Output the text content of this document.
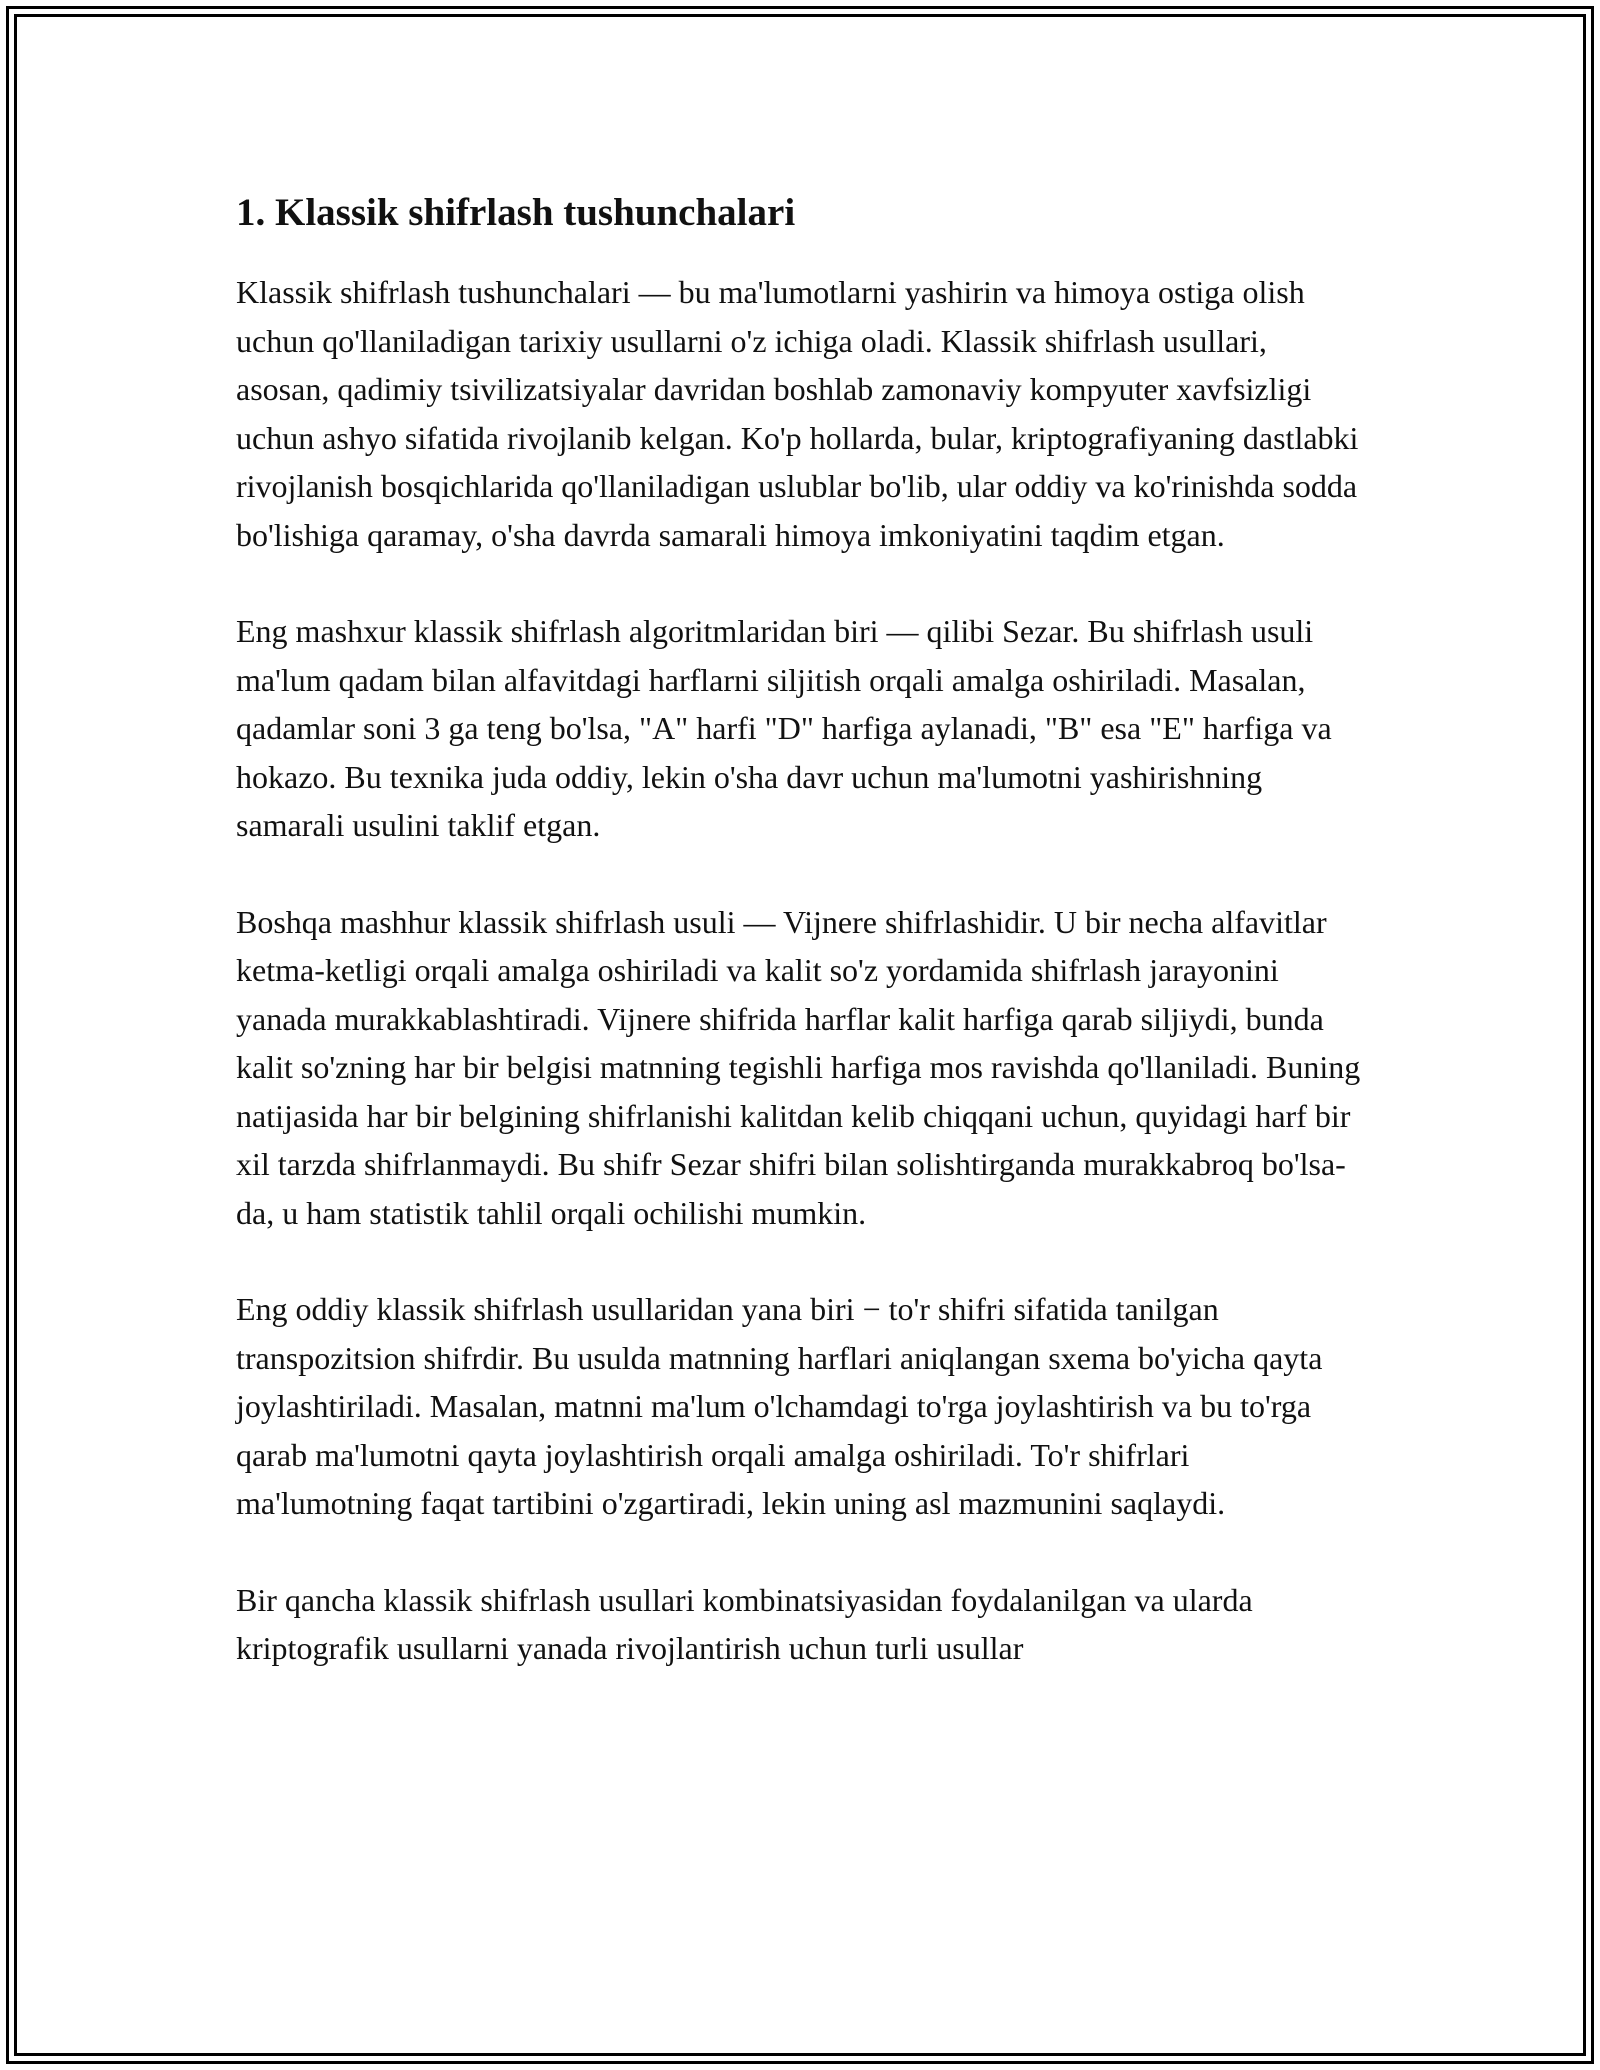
1. Klassik shifrlash tushunchalari

Klassik shifrlash tushunchalari — bu ma'lumotlarni yashirin va himoya ostiga olish uchun qo'llaniladigan tarixiy usullarni o'z ichiga oladi. Klassik shifrlash usullari, asosan, qadimiy tsivilizatsiyalar davridan boshlab zamonaviy kompyuter xavfsizligi uchun ashyo sifatida rivojlanib kelgan. Ko'p hollarda, bular, kriptografiyaning dastlabki rivojlanish bosqichlarida qo'llaniladigan uslublar bo'lib, ular oddiy va ko'rinishda sodda bo'lishiga qaramay, o'sha davrda samarali himoya imkoniyatini taqdim etgan.

Eng mashxur klassik shifrlash algoritmlaridan biri — qilibi Sezar. Bu shifrlash usuli ma'lum qadam bilan alfavitdagi harflarni siljitish orqali amalga oshiriladi. Masalan, qadamlar soni 3 ga teng bo'lsa, "A" harfi "D" harfiga aylanadi, "B" esa "E" harfiga va hokazo. Bu texnika juda oddiy, lekin o'sha davr uchun ma'lumotni yashirishning samarali usulini taklif etgan.

Boshqa mashhur klassik shifrlash usuli — Vijnere shifrlashidir. U bir necha alfavitlar ketma-ketligi orqali amalga oshiriladi va kalit so'z yordamida shifrlash jarayonini yanada murakkablashtiradi. Vijnere shifrida harflar kalit harfiga qarab siljiydi, bunda kalit so'zning har bir belgisi matnning tegishli harfiga mos ravishda qo'llaniladi. Buning natijasida har bir belgining shifrlanishi kalitdan kelib chiqqani uchun, quyidagi harf bir xil tarzda shifrlanmaydi. Bu shifr Sezar shifri bilan solishtirganda murakkabroq bo'lsa-da, u ham statistik tahlil orqali ochilishi mumkin.

Eng oddiy klassik shifrlash usullaridan yana biri − to'r shifri sifatida tanilgan transpozitsion shifrdir. Bu usulda matnning harflari aniqlangan sxema bo'yicha qayta joylashtiriladi. Masalan, matnni ma'lum o'lchamdagi to'rga joylashtirish va bu to'rga qarab ma'lumotni qayta joylashtirish orqali amalga oshiriladi. To'r shifrlari ma'lumotning faqat tartibini o'zgartiradi, lekin uning asl mazmunini saqlaydi.

Bir qancha klassik shifrlash usullari kombinatsiyasidan foydalanilgan va ularda kriptografik usullarni yanada rivojlantirish uchun turli usullar
